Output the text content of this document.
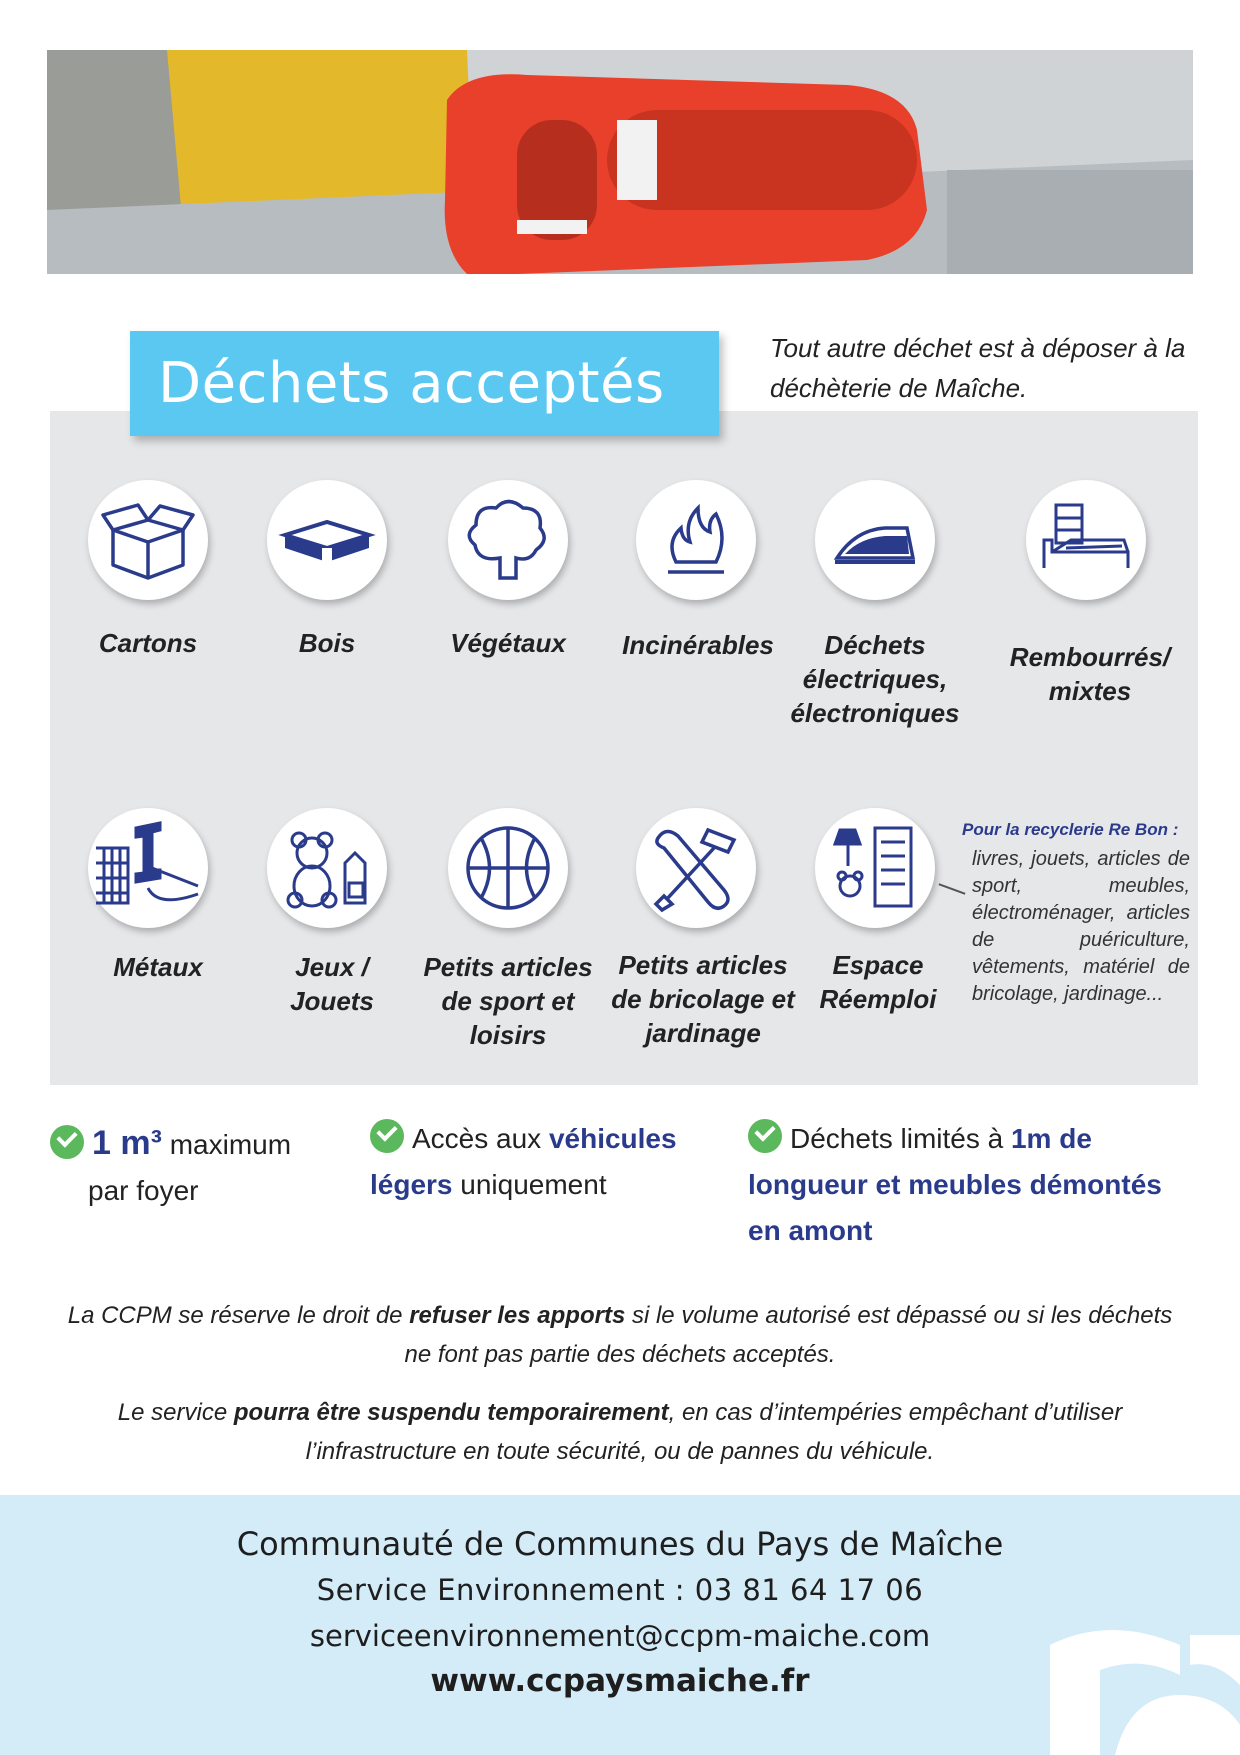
Déchets acceptés
Tout autre déchet est à déposer à la déchèterie de Maîche.
Cartons	Bois	Végétaux	Incinérables	Déchets électriques, électroniques
Rembourrés/ mixtes
Métaux	Jeux / Jouets
Petits articles de sport et loisirs
Petits articles de bricolage et jardinage
Espace Réemploi
Pour la recyclerie Re Bon :
livres, jouets, articles de sport, meubles, électroménager, articles de puériculture, vêtements, matériel de bricolage, jardinage...
1 m³ maximum
par foyer
Accès aux véhicules légers uniquement
Déchets limités à 1m de longueur et meubles démontés en amont
La CCPM se réserve le droit de refuser les apports si le volume autorisé est dépassé ou si les déchets ne font pas partie des déchets acceptés.
Le service pourra être suspendu temporairement, en cas d’intempéries empêchant d’utiliser l’infrastructure en toute sécurité, ou de pannes du véhicule.
Communauté de Communes du Pays de Maîche
Service Environnement : 03 81 64 17 06
serviceenvironnement@ccpm-maiche.com
www.ccpaysmaiche.fr
